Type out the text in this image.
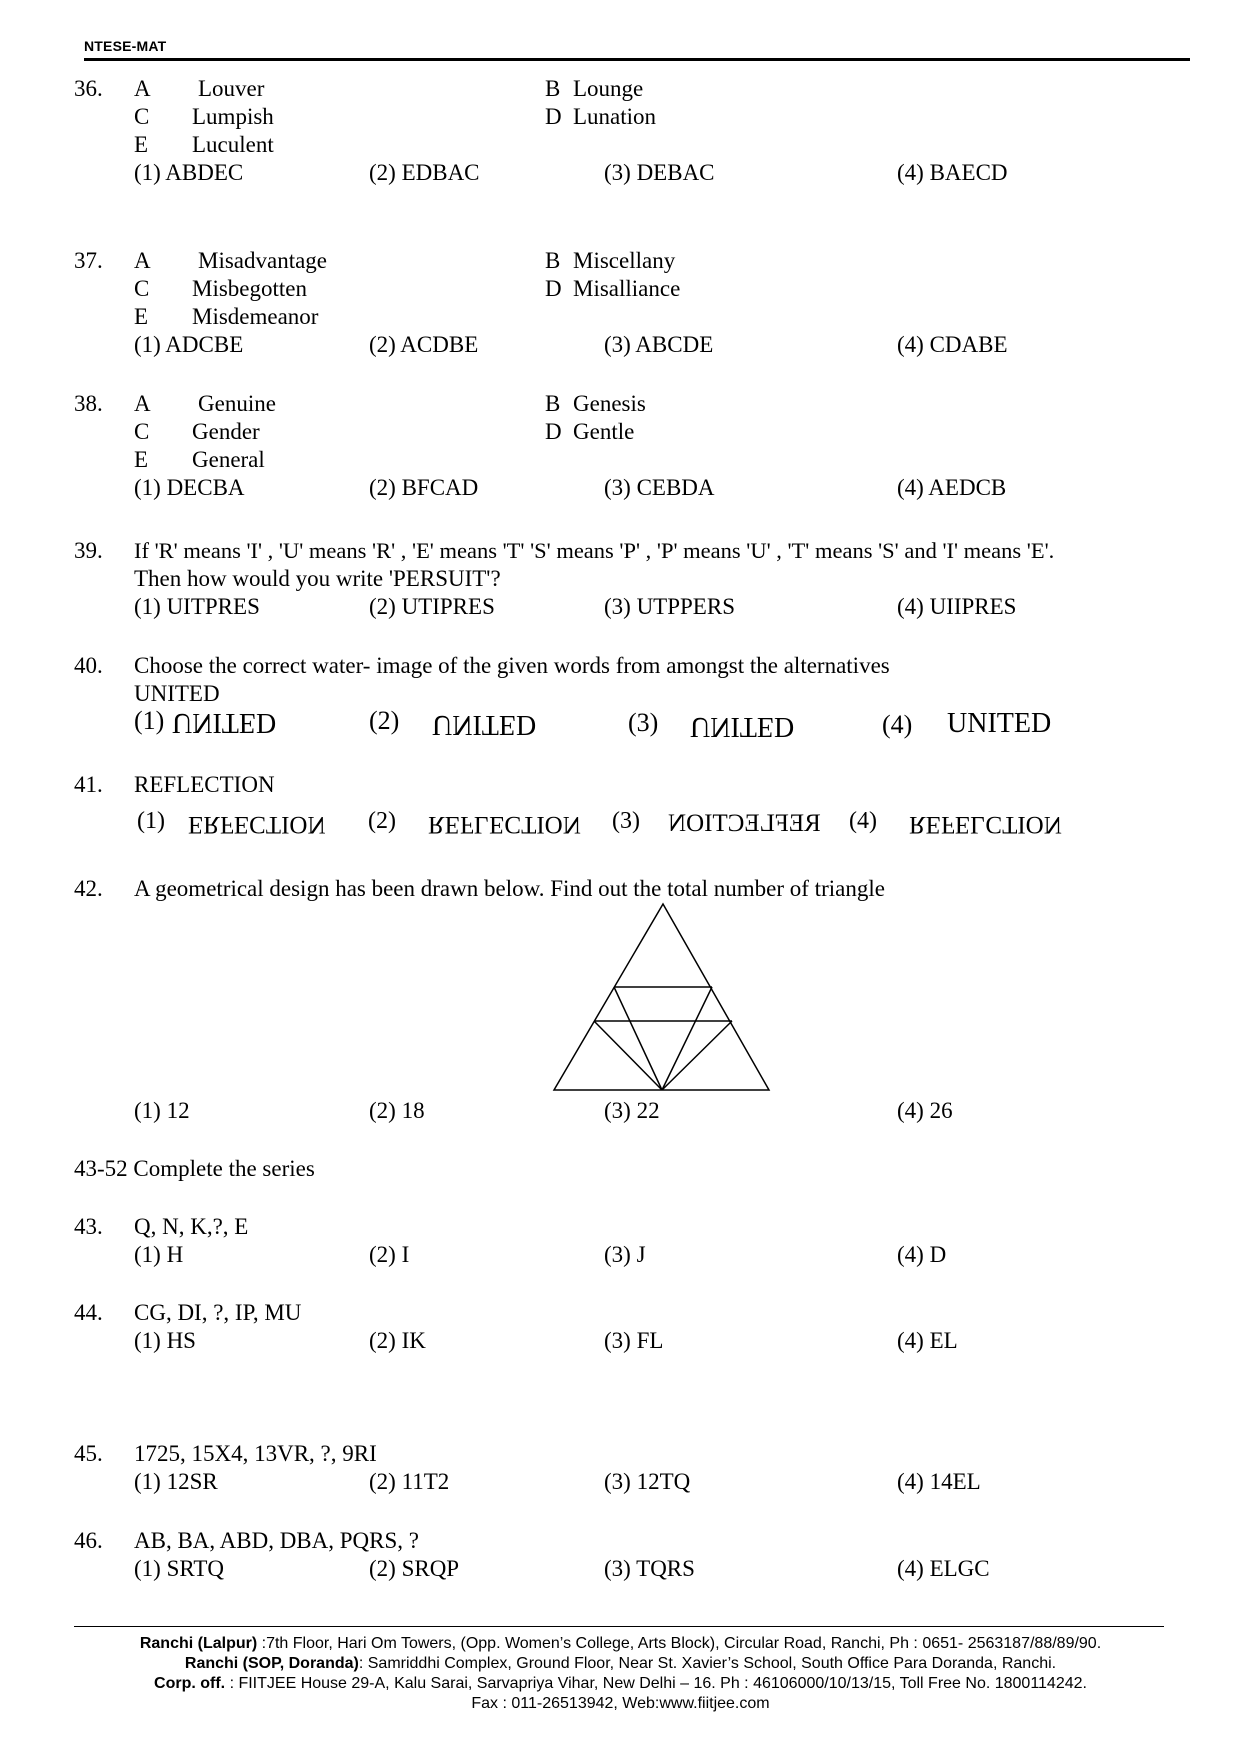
NTESE-MAT
36. A Louver	B Lounge
C Lumpish	D Lunation
E Luculent
(1) ABDEC	(2) EDBAC	(3) DEBAC	(4) BAECD
37. A Misadvantage	B Miscellany
C Misbegotten	D Misalliance
E Misdemeanor
(1) ADCBE	(2) ACDBE	(3) ABCDE	(4) CDABE
38. A Genuine	B Genesis
C Gender	D Gentle
E General
(1) DECBA	(2) BFCAD	(3) CEBDA	(4) AEDCB
39. If 'R' means 'I' , 'U' means 'R' , 'E' means 'T' 'S' means 'P' , 'P' means 'U' , 'T' means 'S' and 'I' means 'E'.
Then how would you write 'PERSUIT'?
(1) UITPRES	(2) UTIPRES	(3) UTPPERS	(4) UIIPRES
40. Choose the correct water- image of the given words from amongst the alternatives
UNITED
(1) UNITED	(2) UNITED	(3) UNITED	(4) UNITED
41. REFLECTION
(1) ERFECTION (2) REFLECTION (3) REFLECTION (4) REFELCTION
42. A geometrical design has been drawn below. Find out the total number of triangle
(1) 12	(2) 18	(3) 22	(4) 26
43-52 Complete the series
43. Q, N, K,?, E
(1) H	(2) I	(3) J	(4) D
44. CG, DI, ?, IP, MU
(1) HS	(2) IK	(3) FL	(4) EL
45. 1725, 15X4, 13VR, ?, 9RI
(1) 12SR	(2) 11T2	(3) 12TQ	(4) 14EL
46. AB, BA, ABD, DBA, PQRS, ?
(1) SRTQ	(2) SRQP	(3) TQRS	(4) ELGC
Ranchi (Lalpur) :7th Floor, Hari Om Towers, (Opp. Women’s College, Arts Block), Circular Road, Ranchi, Ph : 0651- 2563187/88/89/90.
Ranchi (SOP, Doranda): Samriddhi Complex, Ground Floor, Near St. Xavier’s School, South Office Para Doranda, Ranchi.
Corp. off. : FIITJEE House 29-A, Kalu Sarai, Sarvapriya Vihar, New Delhi – 16. Ph : 46106000/10/13/15, Toll Free No. 1800114242.
Fax : 011-26513942, Web:www.fiitjee.com
